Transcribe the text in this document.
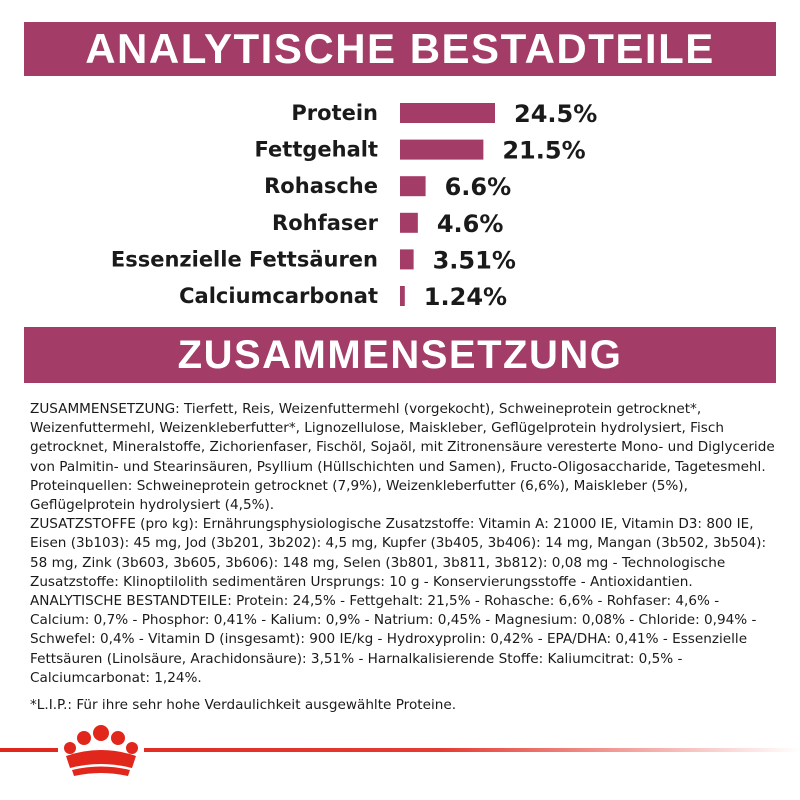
ANALYTISCHE BESTADTEILE
Protein	24.5%
Fettgehalt	21.5%
Rohasche	6.6%
Rohfaser 4.6%
Essenzielle Fettsäuren 3.51%
Calciumcarbonat 1.24%
ZUSAMMENSETZUNG

ZUSAMMENSETZUNG: Tierfett, Reis, Weizenfuttermehl (vorgekocht), Schweineprotein getrocknet*, Weizenfuttermehl, Weizenkleberfutter*, Lignozellulose, Maiskleber, Geflügelprotein hydrolysiert, Fisch getrocknet, Mineralstoffe, Zichorienfaser, Fischöl, Sojaöl, mit Zitronensäure veresterte Mono- und Diglyceride von Palmitin- und Stearinsäuren, Psyllium (Hüllschichten und Samen), Fructo-Oligosaccharide, Tagetesmehl. Proteinquellen: Schweineprotein getrocknet (7,9%), Weizenkleberfutter (6,6%), Maiskleber (5%), Geflügelprotein hydrolysiert (4,5%).

ZUSATZSTOFFE (pro kg): Ernährungsphysiologische Zusatzstoffe: Vitamin A: 21000 IE, Vitamin D3: 800 IE, Eisen (3b103): 45 mg, Jod (3b201, 3b202): 4,5 mg, Kupfer (3b405, 3b406): 14 mg, Mangan (3b502, 3b504): 58 mg, Zink (3b603, 3b605, 3b606): 148 mg, Selen (3b801, 3b811, 3b812): 0,08 mg - Technologische Zusatzstoffe: Klinoptilolith sedimentären Ursprungs: 10 g - Konservierungsstoffe - Antioxidantien.

ANALYTISCHE BESTANDTEILE: Protein: 24,5% - Fettgehalt: 21,5% - Rohasche: 6,6% - Rohfaser: 4,6% - Calcium: 0,7% - Phosphor: 0,41% - Kalium: 0,9% - Natrium: 0,45% - Magnesium: 0,08% - Chloride: 0,94% - Schwefel: 0,4% - Vitamin D (insgesamt): 900 IE/kg - Hydroxyprolin: 0,42% - EPA/DHA: 0,41% - Essenzielle Fettsäuren (Linolsäure, Arachidonsäure): 3,51% - Harnalkalisierende Stoffe: Kaliumcitrat: 0,5% - Calciumcarbonat: 1,24%.

*L.I.P.: Für ihre sehr hohe Verdaulichkeit ausgewählte Proteine.
